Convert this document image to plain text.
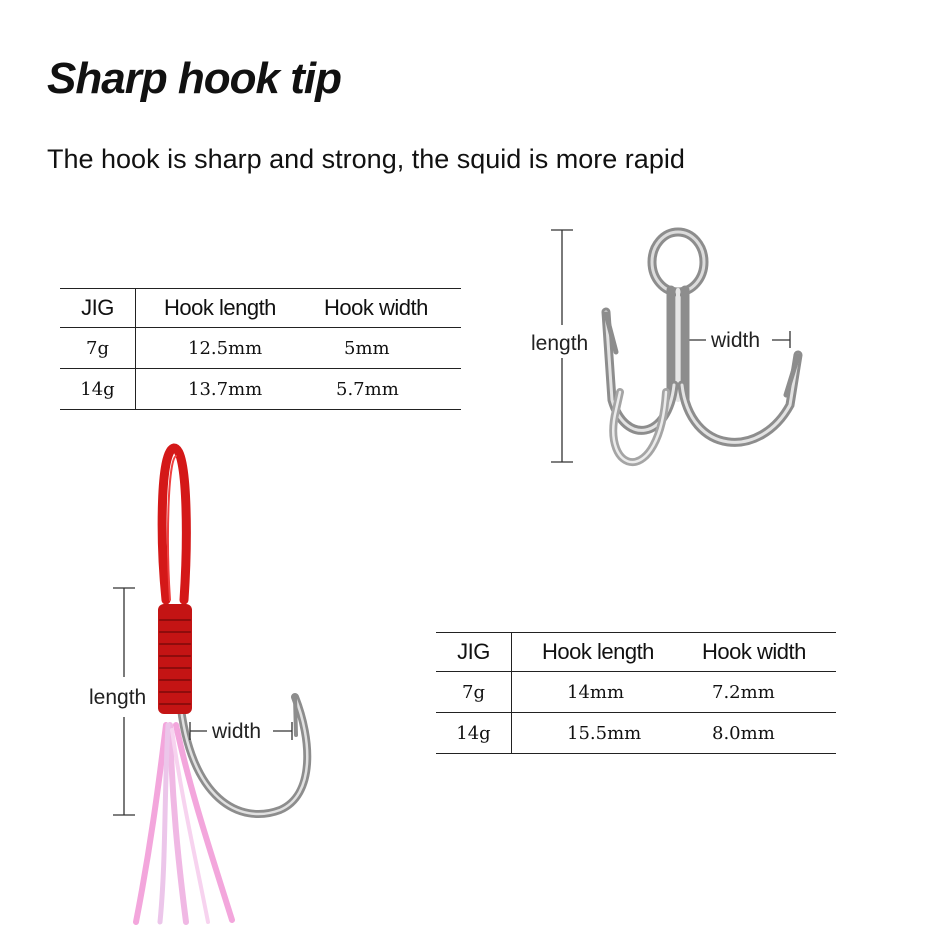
Sharp hook tip

The hook is sharp and strong, the squid is more rapid

JIG	Hook length	Hook width
7g	12.5mm	5mm
14g	13.7mm	5.7mm
JIG	Hook length	Hook width
7g	14mm	7.2mm
14g	15.5mm	8.0mm
length	width
length
width
